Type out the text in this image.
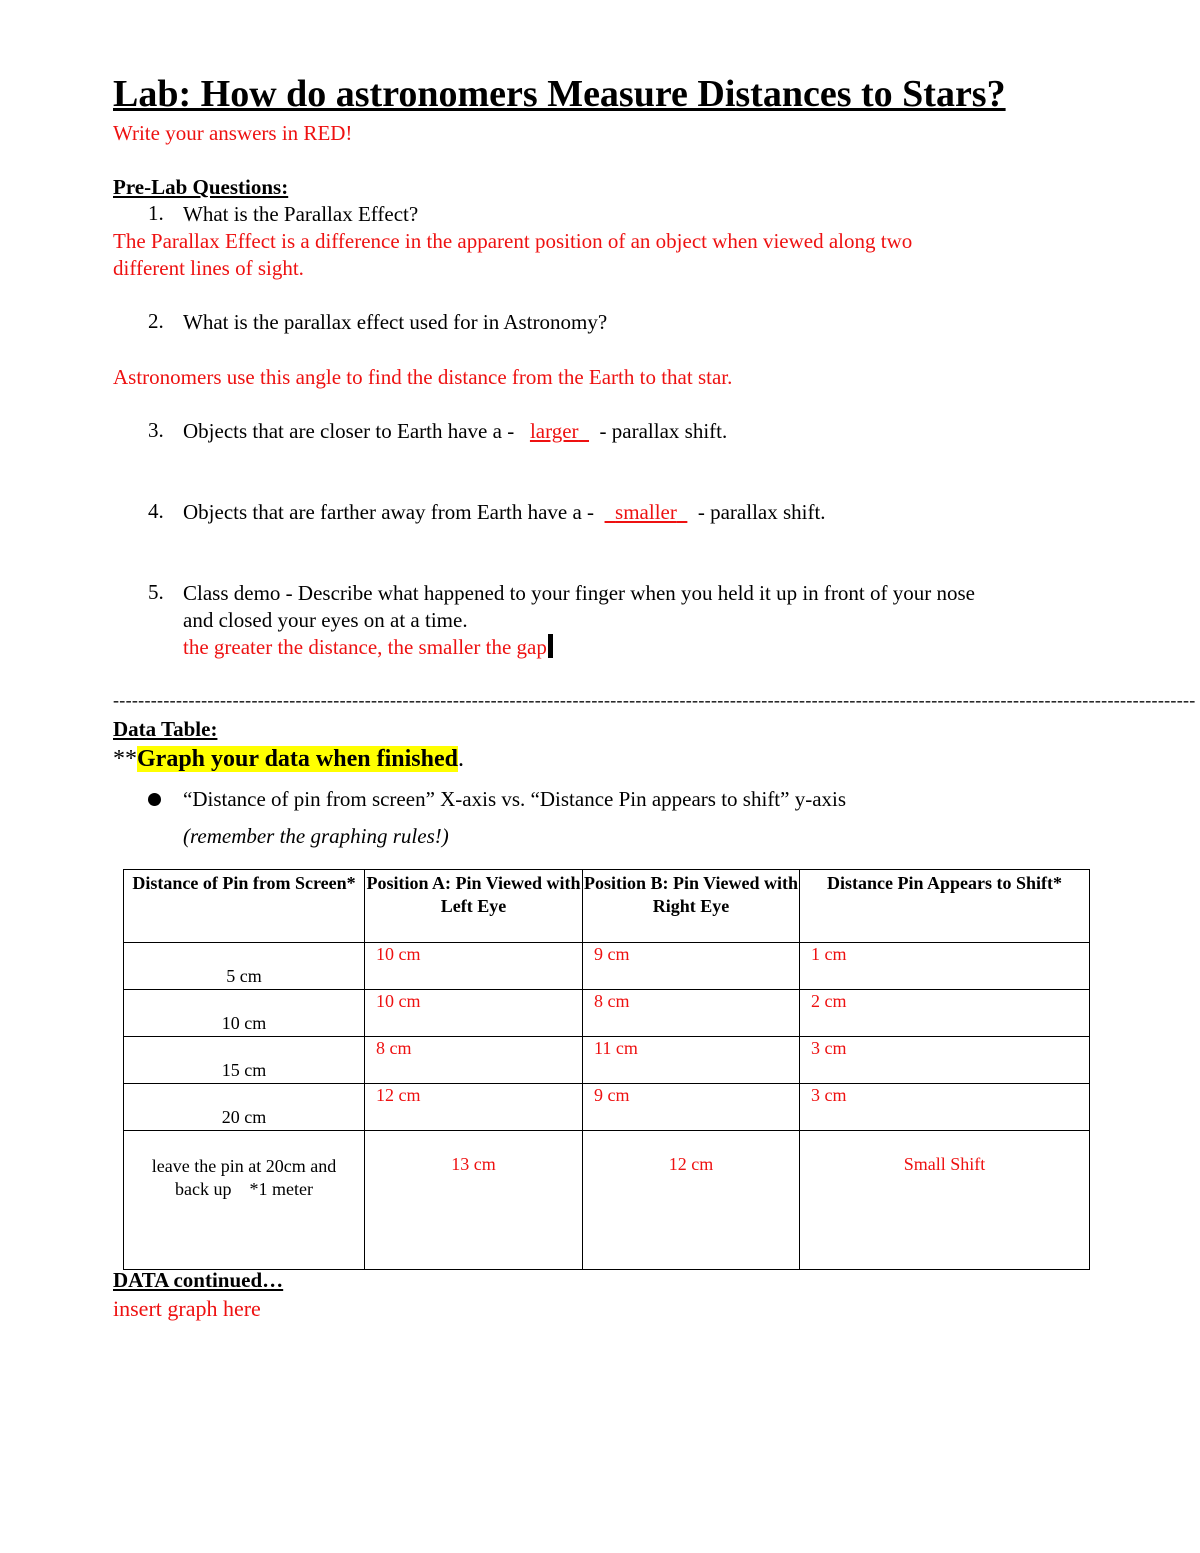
Lab: How do astronomers Measure Distances to Stars?
Write your answers in RED!
Pre-Lab Questions:
1. What is the Parallax Effect?
The Parallax Effect is a difference in the apparent position of an object when viewed along two
different lines of sight.
2. What is the parallax effect used for in Astronomy?
Astronomers use this angle to find the distance from the Earth to that star.
3. Objects that are closer to Earth have a - larger - parallax shift.
4. Objects that are farther away from Earth have a - smaller - parallax shift.
5. Class demo - Describe what happened to your finger when you held it up in front of your nose
and closed your eyes on at a time.
the greater the distance, the smaller the gap
----------------------------------------------------------------------------------------------------------------------------------------------------------------------------
Data Table:
**Graph your data when finished.
“Distance of pin from screen” X-axis vs. “Distance Pin appears to shift” y-axis
(remember the graphing rules!)
Distance of Pin from Screen*	Position A: Pin Viewed with Left Eye	Position B: Pin Viewed with Right Eye	Distance Pin Appears to Shift*
5 cm	10 cm	9 cm	1 cm
10 cm	10 cm	8 cm	2 cm
15 cm	8 cm	11 cm	3 cm
20 cm	12 cm	9 cm	3 cm

leave the pin at 20cm and
back up    *1 meter	13 cm	12 cm	Small Shift
DATA continued…
insert graph here
